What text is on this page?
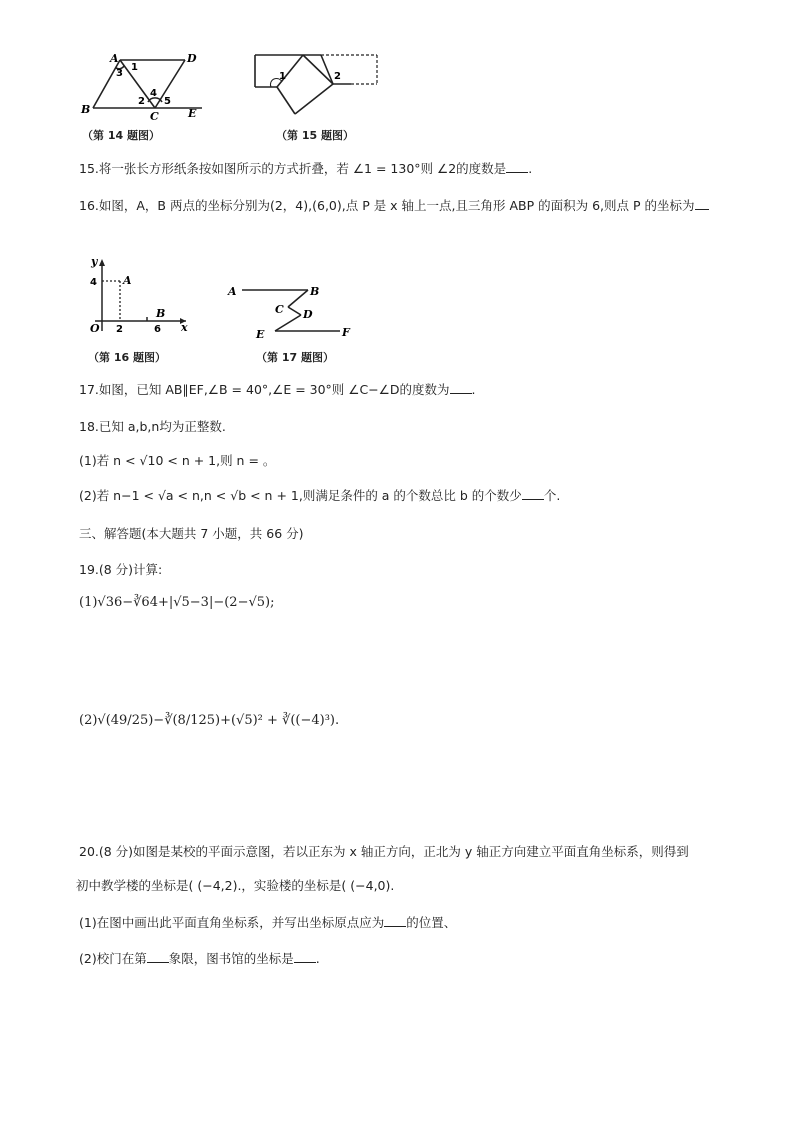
A	D
B
C	E
1
3
2
4
5
（第 14 题图）
1	2
（第 15 题图）
15.将一张长方形纸条按如图所示的方式折叠，若 ∠1 = 130°则 ∠2的度数是 .
16.如图，A，B 两点的坐标分别为(2，4),(6,0),点 P 是 x 轴上一点,且三角形 ABP 的面积为 6,则点 P 的坐标为
y
x
O
4
2	6
A
B
（第 16 题图）
A	B
C D
E	F
（第 17 题图）
17.如图，已知 AB∥EF,∠B = 40°,∠E = 30°则 ∠C−∠D的度数为 .
18.已知 a,b,n均为正整数.
(1)若 n < √10 < n + 1,则 n = 。
(2)若 n−1 < √a < n,n < √b < n + 1,则满足条件的 a 的个数总比 b 的个数少 个.
三、解答题(本大题共 7 小题，共 66 分)
19.(8 分)计算:
(1)√36−∛64+|√5−3|−(2−√5);
(2)√(49/25)−∛(8/125)+(√5)² + ∛((−4)³).
20.(8 分)如图是某校的平面示意图，若以正东为 x 轴正方向，正北为 y 轴正方向建立平面直角坐标系，则得到
初中教学楼的坐标是( (−4,2).，实验楼的坐标是( (−4,0).
(1)在图中画出此平面直角坐标系，并写出坐标原点应为 的位置、
(2)校门在第 象限，图书馆的坐标是 .
